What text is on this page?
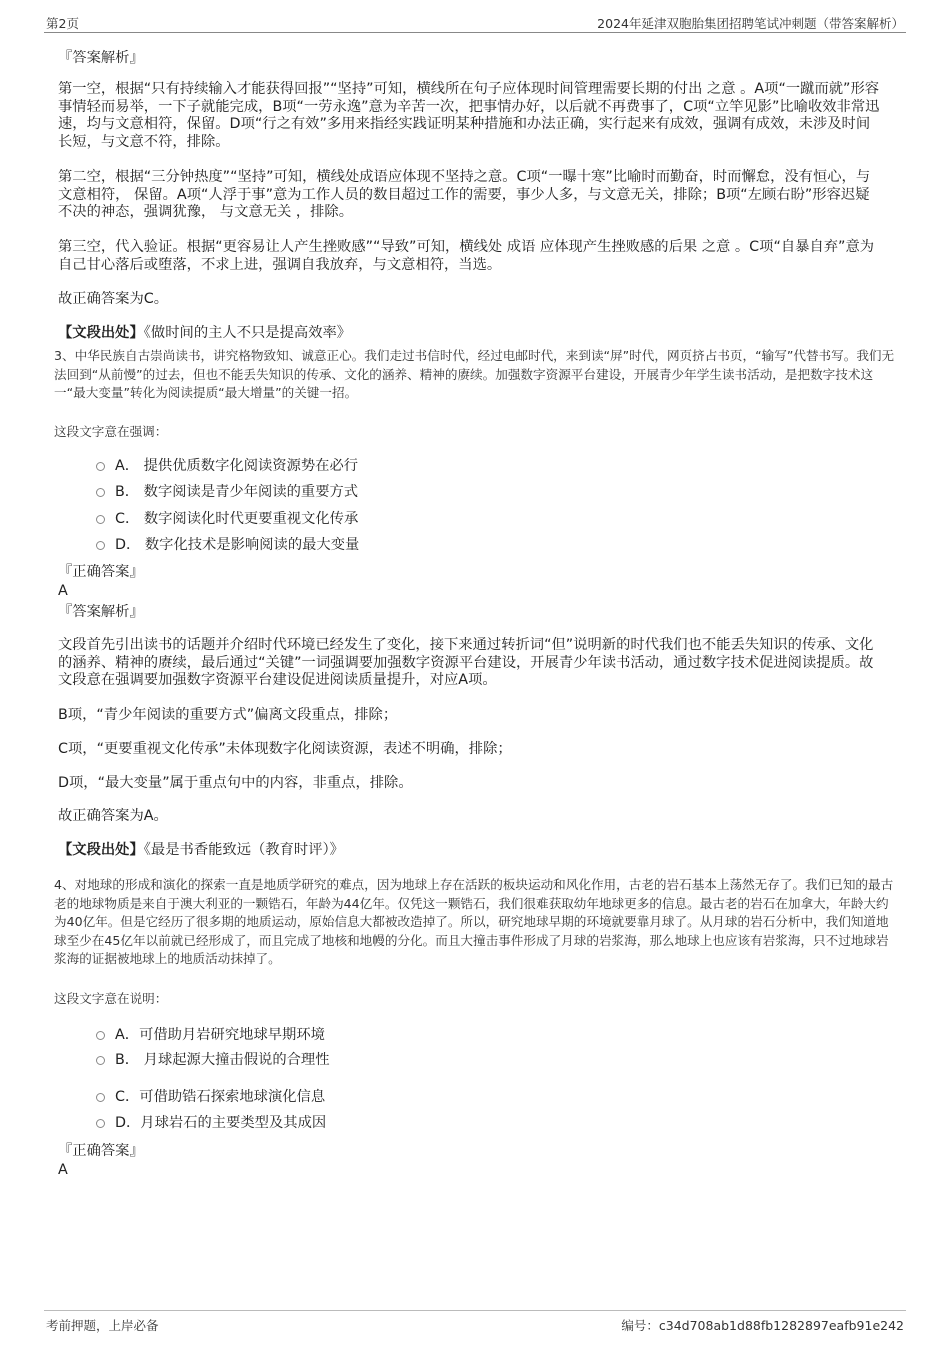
第2页	2024年延津双胞胎集团招聘笔试冲刺题（带答案解析）
『答案解析』
第一空，根据“只有持续输入才能获得回报”“坚持”可知，横线所在句子应体现时间管理需要长期的付出 之意 。A项“一蹴而就”形容事情轻而易举，一下子就能完成，B项“一劳永逸”意为辛苦一次，把事情办好，以后就不再费事了，C项“立竿见影”比喻收效非常迅速，均与文意相符，保留。D项“行之有效”多用来指经实践证明某种措施和办法正确，实行起来有成效，强调有成效，未涉及时间长短，与文意不符，排除。
第二空，根据“三分钟热度”“坚持”可知，横线处成语应体现不坚持之意。C项“一曝十寒”比喻时而勤奋，时而懈怠，没有恒心，与文意相符， 保留。A项“人浮于事”意为工作人员的数目超过工作的需要，事少人多，与文意无关，排除；B项“左顾右盼”形容迟疑不决的神态，强调犹豫， 与文意无关 ，排除。
第三空，代入验证。根据“更容易让人产生挫败感”“导致”可知，横线处 成语 应体现产生挫败感的后果 之意 。C项“自暴自弃”意为自己甘心落后或堕落，不求上进，强调自我放弃，与文意相符，当选。
故正确答案为C。
【文段出处】《做时间的主人不只是提高效率》
3、中华民族自古崇尚读书，讲究格物致知、诚意正心。我们走过书信时代，经过电邮时代，来到读“屏”时代，网页挤占书页，“输写”代替书写。我们无法回到“从前慢”的过去，但也不能丢失知识的传承、文化的涵养、精神的赓续。加强数字资源平台建设，开展青少年学生读书活动，是把数字技术这一“最大变量”转化为阅读提质“最大增量”的关键一招。
这段文字意在强调：
A． 提供优质数字化阅读资源势在必行
B． 数字阅读是青少年阅读的重要方式
C． 数字阅读化时代更要重视文化传承
D． 数字化技术是影响阅读的最大变量
『正确答案』
A
『答案解析』
文段首先引出读书的话题并介绍时代环境已经发生了变化，接下来通过转折词“但”说明新的时代我们也不能丢失知识的传承、文化的涵养、精神的赓续，最后通过“关键”一词强调要加强数字资源平台建设，开展青少年读书活动，通过数字技术促进阅读提质。故文段意在强调要加强数字资源平台建设促进阅读质量提升，对应A项。
B项，“青少年阅读的重要方式”偏离文段重点，排除；
C项，“更要重视文化传承”未体现数字化阅读资源，表述不明确，排除；
D项，“最大变量”属于重点句中的内容，非重点，排除。
故正确答案为A。
【文段出处】《最是书香能致远（教育时评）》
4、对地球的形成和演化的探索一直是地质学研究的难点，因为地球上存在活跃的板块运动和风化作用，古老的岩石基本上荡然无存了。我们已知的最古老的地球物质是来自于澳大利亚的一颗锆石，年龄为44亿年。仅凭这一颗锆石，我们很难获取幼年地球更多的信息。最古老的岩石在加拿大，年龄大约为40亿年。但是它经历了很多期的地质运动，原始信息大都被改造掉了。所以，研究地球早期的环境就要靠月球了。从月球的岩石分析中，我们知道地球至少在45亿年以前就已经形成了，而且完成了地核和地幔的分化。而且大撞击事件形成了月球的岩浆海，那么地球上也应该有岩浆海，只不过地球岩浆海的证据被地球上的地质活动抹掉了。
这段文字意在说明：
A．可借助月岩研究地球早期环境
B． 月球起源大撞击假说的合理性
C．可借助锆石探索地球演化信息
D．月球岩石的主要类型及其成因
『正确答案』
A
考前押题，上岸必备	编号：c34d708ab1d88fb1282897eafb91e242
